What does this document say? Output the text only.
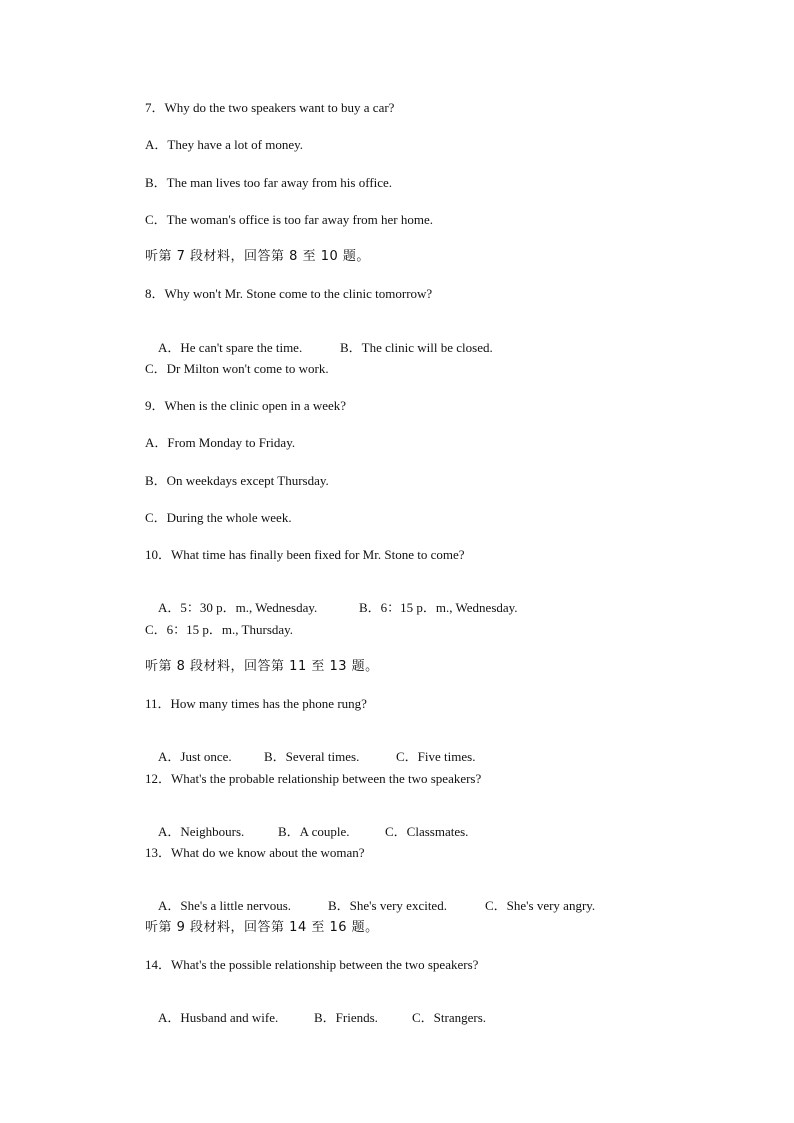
7．Why do the two speakers want to buy a car?
A．They have a lot of money.
B．The man lives too far away from his office.
C．The woman's office is too far away from her home.
听第 7 段材料，回答第 8 至 10 题。
8．Why won't Mr. Stone come to the clinic tomorrow?

A．He can't spare the time.	B．The clinic will be closed.

C．Dr Milton won't come to work.
9．When is the clinic open in a week?
A．From Monday to Friday.
B．On weekdays except Thursday.
C．During the whole week.
10．What time has finally been fixed for Mr. Stone to come?

A．5：30 p．m., Wednesday.	B．6：15 p．m., Wednesday.

C．6：15 p．m., Thursday.
听第 8 段材料，回答第 11 至 13 题。
11．How many times has the phone rung?

A．Just once. B．Several times.	C．Five times.

12．What's the probable relationship between the two speakers?

A．Neighbours.	B．A couple.	C．Classmates.

13．What do we know about the woman?

A．She's a little nervous.	B．She's very excited.	C．She's very angry.

听第 9 段材料，回答第 14 至 16 题。
14．What's the possible relationship between the two speakers?

A．Husband and wife.	B．Friends.	C．Strangers.
